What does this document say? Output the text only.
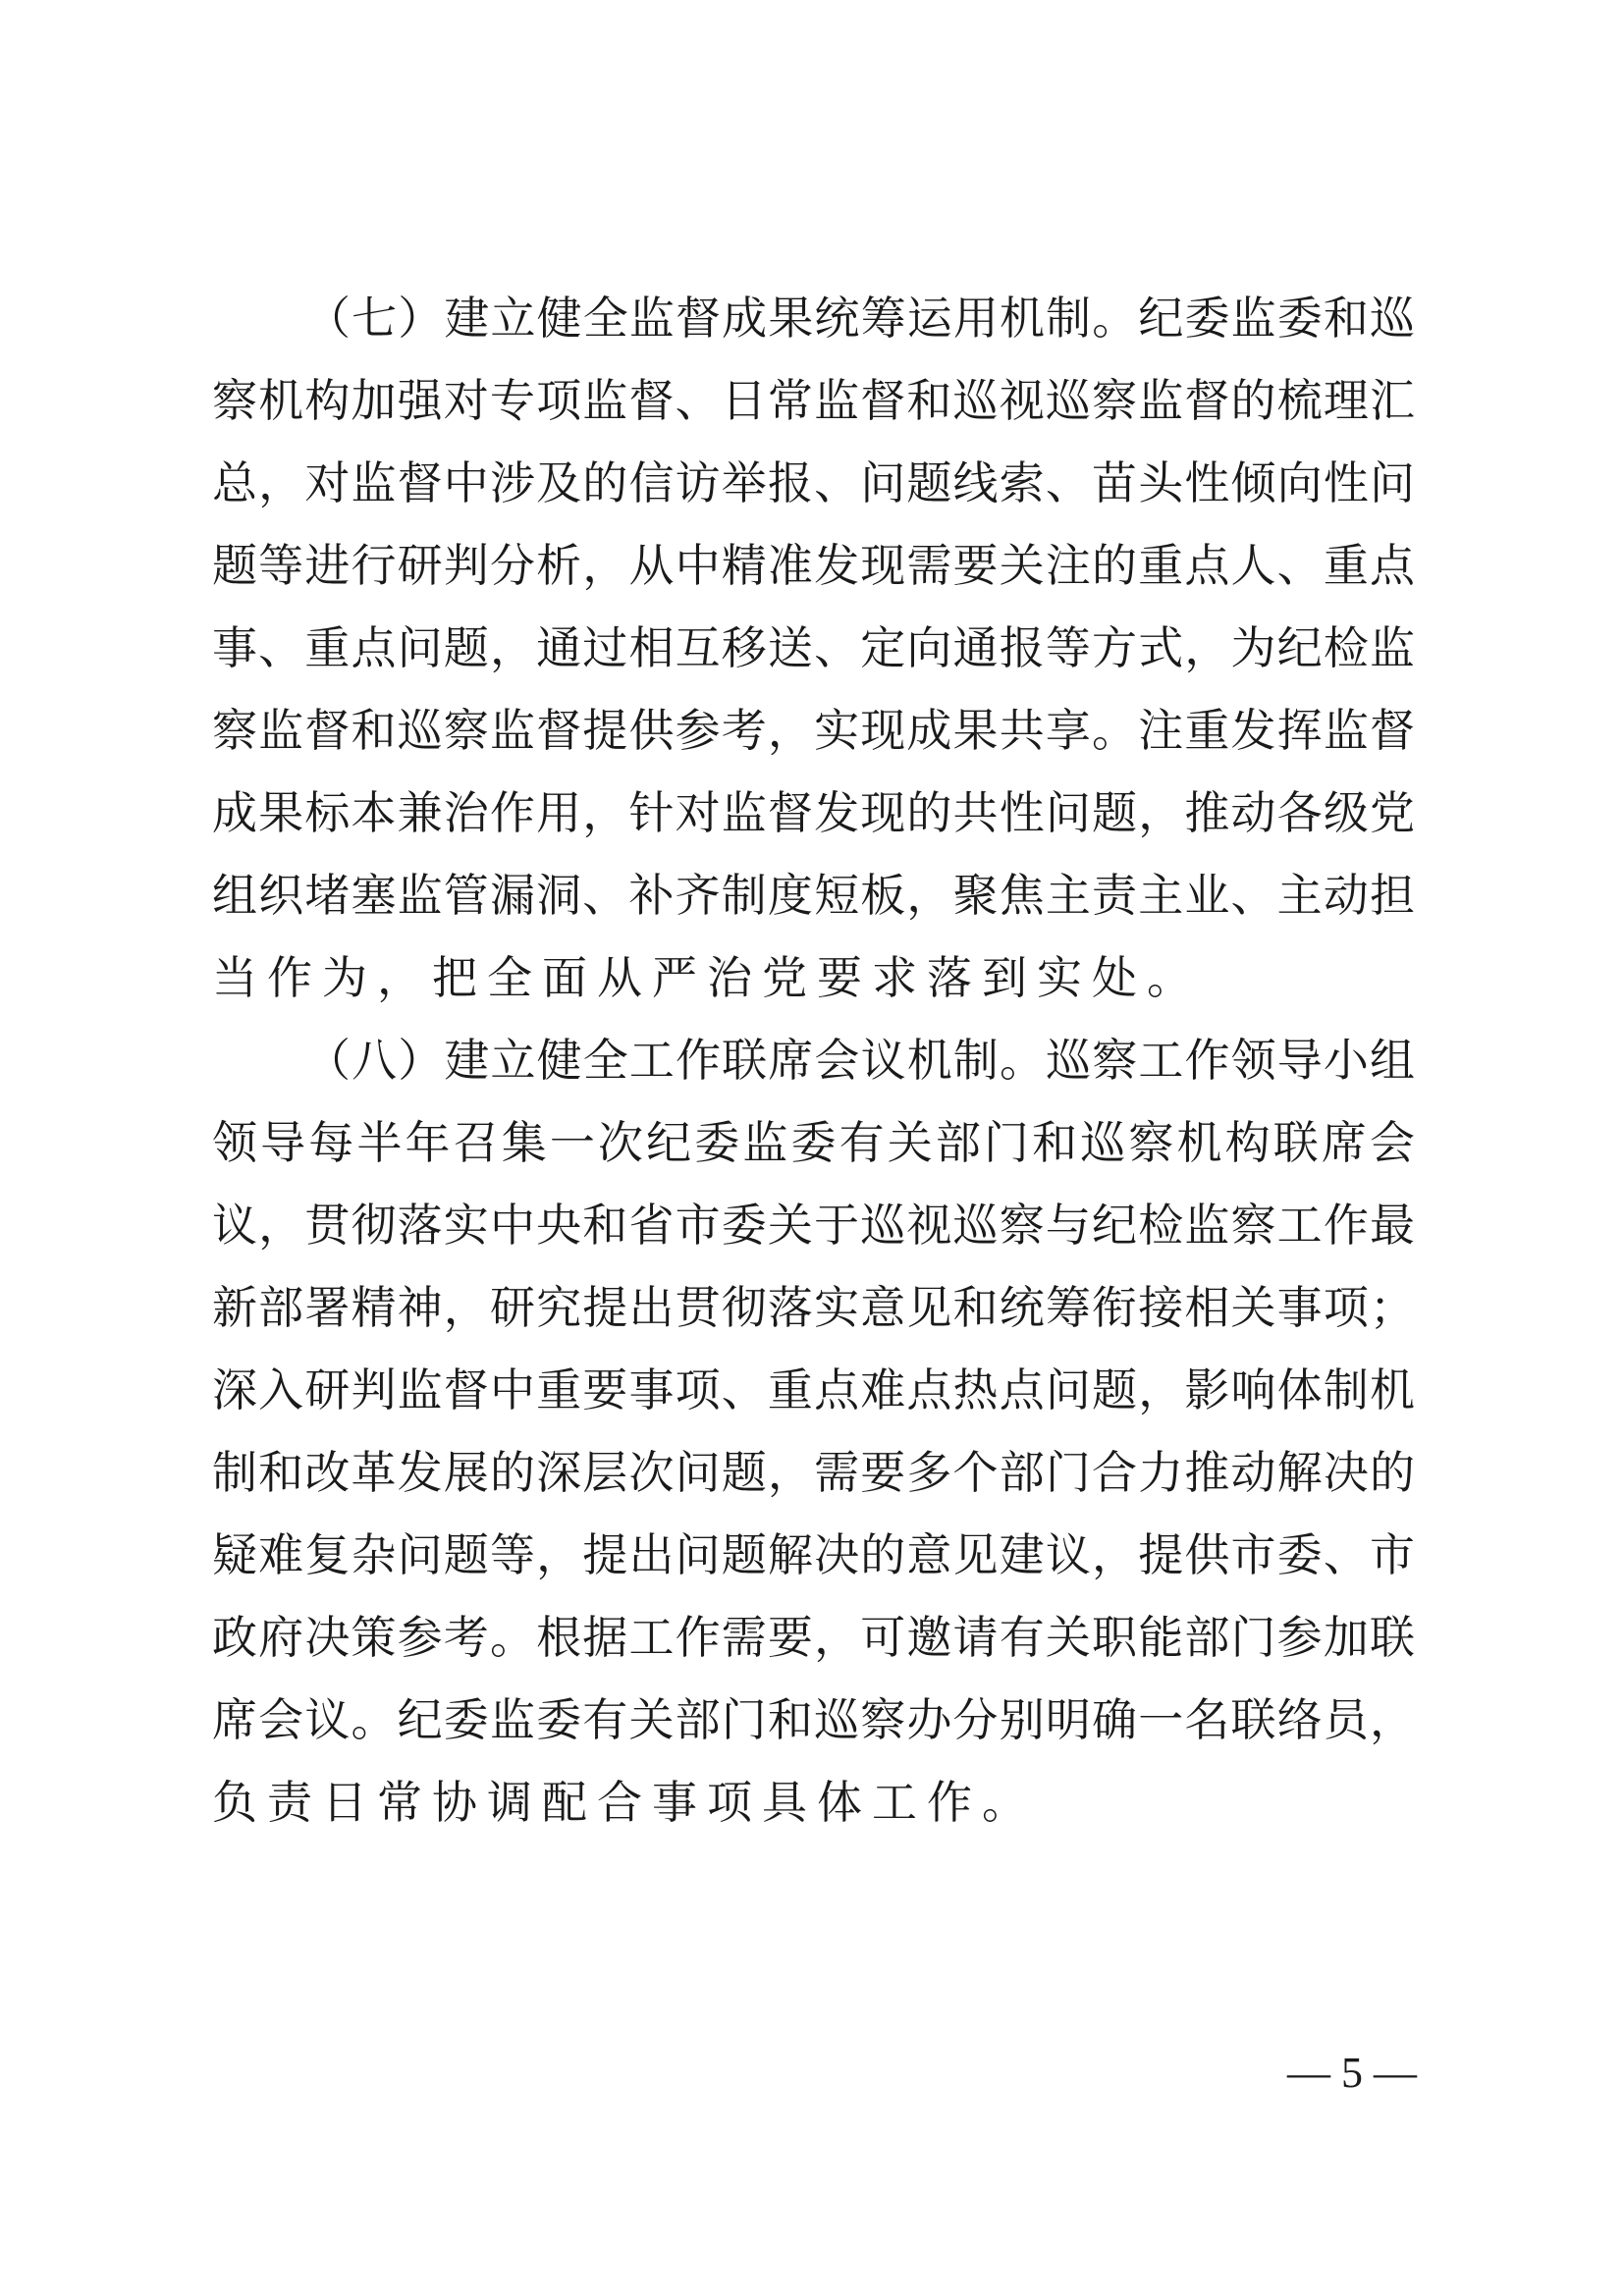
（七）建立健全监督成果统筹运用机制。纪委监委和巡
察机构加强对专项监督、日常监督和巡视巡察监督的梳理汇
总，对监督中涉及的信访举报、问题线索、苗头性倾向性问
题等进行研判分析，从中精准发现需要关注的重点人、重点
事、重点问题，通过相互移送、定向通报等方式，为纪检监
察监督和巡察监督提供参考，实现成果共享。注重发挥监督
成果标本兼治作用，针对监督发现的共性问题，推动各级党
组织堵塞监管漏洞、补齐制度短板，聚焦主责主业、主动担
当作为，把全面从严治党要求落到实处。
（八）建立健全工作联席会议机制。巡察工作领导小组
领导每半年召集一次纪委监委有关部门和巡察机构联席会
议，贯彻落实中央和省市委关于巡视巡察与纪检监察工作最
新部署精神，研究提出贯彻落实意见和统筹衔接相关事项；
深入研判监督中重要事项、重点难点热点问题，影响体制机
制和改革发展的深层次问题，需要多个部门合力推动解决的
疑难复杂问题等，提出问题解决的意见建议，提供市委、市
政府决策参考。根据工作需要，可邀请有关职能部门参加联
席会议。纪委监委有关部门和巡察办分别明确一名联络员，
负责日常协调配合事项具体工作。
— 5 —
